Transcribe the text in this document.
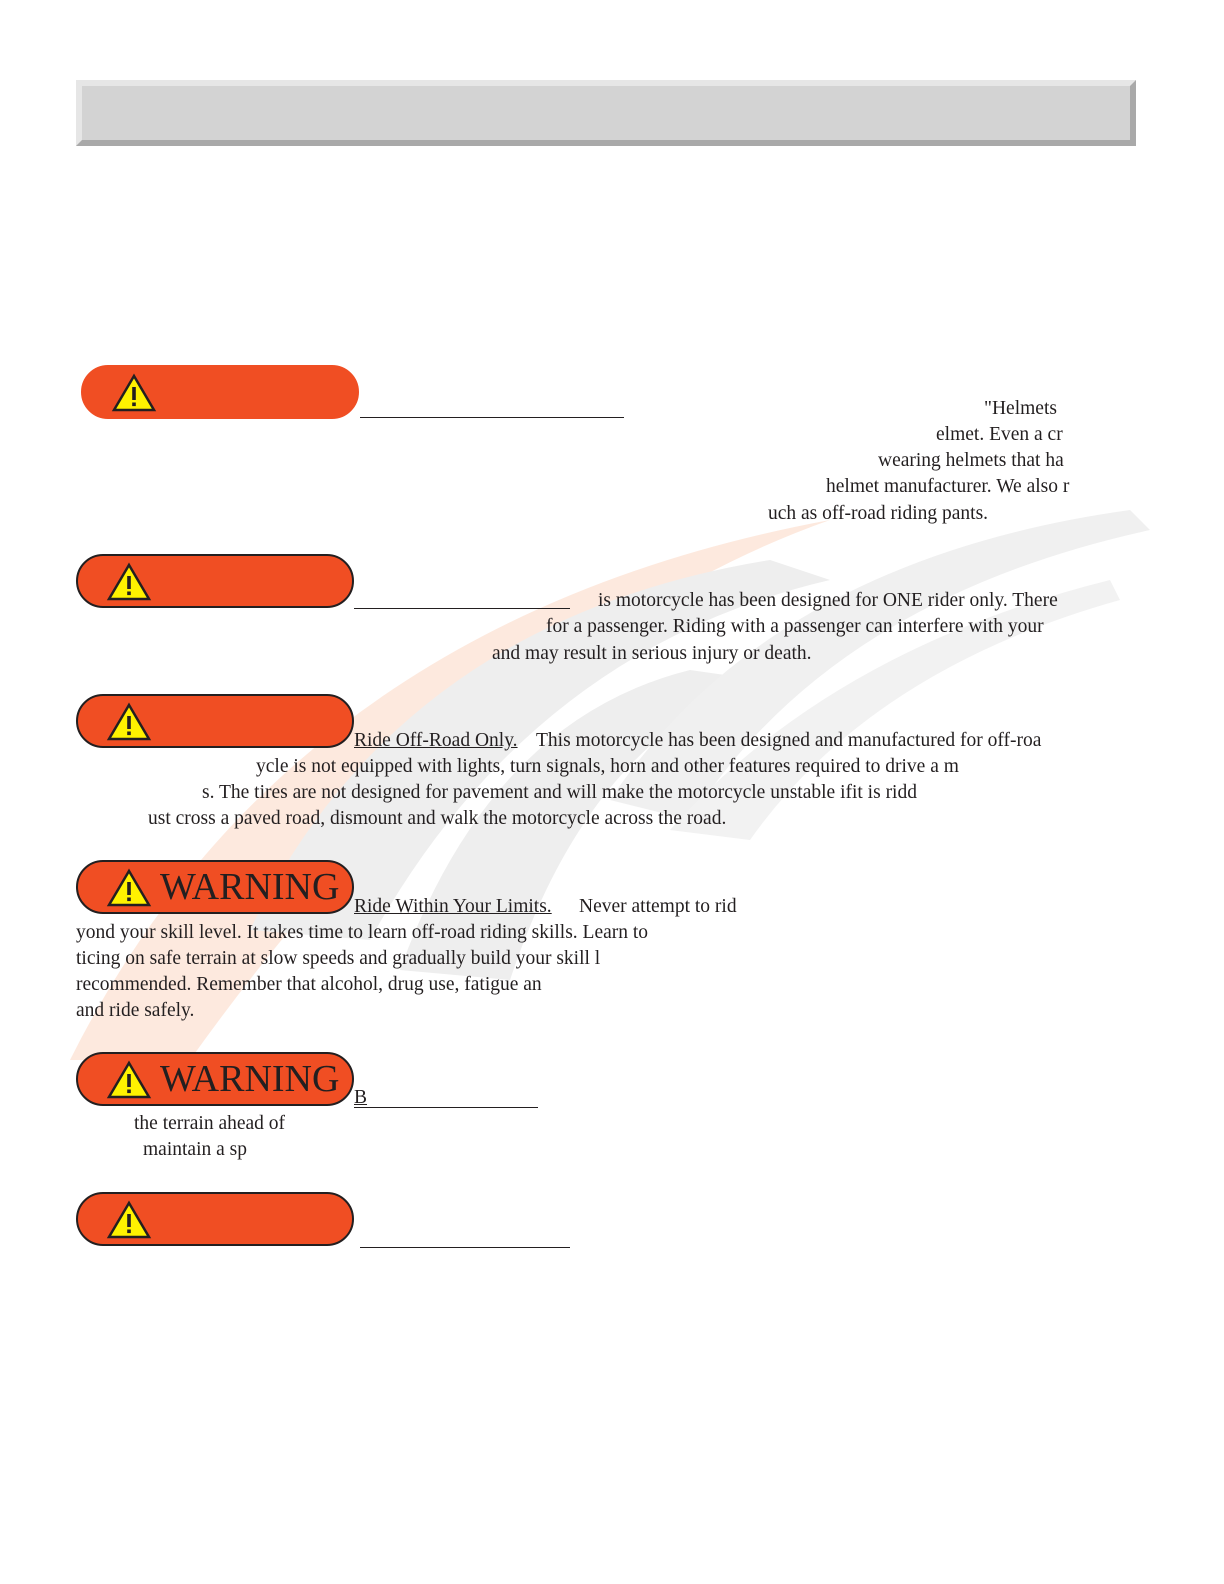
"Helmets
elmet. Even a cr
wearing helmets that ha
helmet manufacturer. We also r
uch as off-road riding pants.
is motorcycle has been designed for ONE rider only. There
for a passenger. Riding with a passenger can interfere with your
and may result in serious injury or death.
Ride Off-Road Only. This motorcycle has been designed and manufactured for off-roa
ycle is not equipped with lights, turn signals, horn and other features required to drive a m
s. The tires are not designed for pavement and will make the motorcycle unstable ifit is ridd
ust cross a paved road, dismount and walk the motorcycle across the road.
WARNING Ride Within Your Limits. Never attempt to rid
yond your skill level. It takes time to learn off-road riding skills. Learn to
ticing on safe terrain at slow speeds and gradually build your skill l
recommended. Remember that alcohol, drug use, fatigue an
and ride safely.
WARNING B
the terrain ahead of
maintain a sp
